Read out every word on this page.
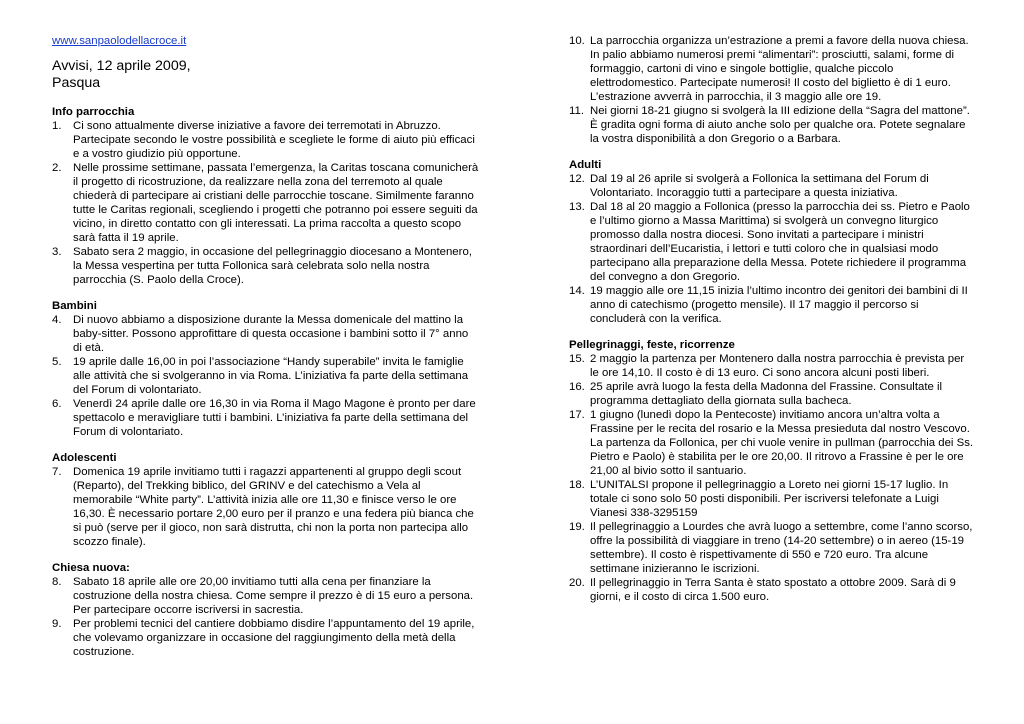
www.sanpaolodellacroce.it
Avvisi, 12 aprile 2009,
Pasqua
Info parrocchia
1.	Ci sono attualmente diverse iniziative a favore dei terremotati in Abruzzo. Partecipate secondo le vostre possibilità e scegliete le forme di aiuto più efficaci e a vostro giudizio più opportune.
2.	Nelle prossime settimane, passata l’emergenza, la Caritas toscana comunicherà il progetto di ricostruzione, da realizzare nella zona del terremoto al quale chiederà di partecipare ai cristiani delle parrocchie toscane. Similmente faranno tutte le Caritas regionali, scegliendo i progetti che potranno poi essere seguiti da vicino, in diretto contatto con gli interessati. La prima raccolta a questo scopo sarà fatta il 19 aprile.
3.	Sabato sera 2 maggio, in occasione del pellegrinaggio diocesano a Montenero, la Messa vespertina per tutta Follonica sarà celebrata solo nella nostra parrocchia (S. Paolo della Croce).
Bambini
4.	Di nuovo abbiamo a disposizione durante la Messa domenicale del mattino la baby-sitter. Possono approfittare di questa occasione i bambini sotto il 7° anno di età.
5.	19 aprile dalle 16,00 in poi l’associazione “Handy superabile” invita le famiglie alle attività che si svolgeranno in via Roma. L’iniziativa fa parte della settimana del Forum di volontariato.
6.	Venerdì 24 aprile dalle ore 16,30 in via Roma il Mago Magone è pronto per dare spettacolo e meravigliare tutti i bambini. L’iniziativa fa parte della settimana del Forum di volontariato.
Adolescenti
7.	Domenica 19 aprile invitiamo tutti i ragazzi appartenenti al gruppo degli scout (Reparto), del Trekking biblico, del GRINV e del catechismo a Vela al memorabile “White party”. L’attività inizia alle ore 11,30 e finisce verso le ore 16,30. È necessario portare 2,00 euro per il pranzo e una federa più bianca che si può (serve per il gioco, non sarà distrutta, chi non la porta non partecipa allo scozzo finale).
Chiesa nuova:
8.	Sabato 18 aprile alle ore 20,00 invitiamo tutti alla cena per finanziare la costruzione della nostra chiesa. Come sempre il prezzo è di 15 euro a persona. Per partecipare occorre iscriversi in sacrestia.
9.	Per problemi tecnici del cantiere dobbiamo disdire l’appuntamento del 19 aprile, che volevamo organizzare in occasione del raggiungimento della metà della costruzione.
10. La parrocchia organizza un’estrazione a premi a favore della nuova chiesa. In palio abbiamo numerosi premi “alimentari”: prosciutti, salami, forme di formaggio, cartoni di vino e singole bottiglie, qualche piccolo elettrodomestico. Partecipate numerosi! Il costo del biglietto è di 1 euro. L’estrazione avverrà in parrocchia, il 3 maggio alle ore 19.
11. Nei giorni 18-21 giugno si svolgerà la III edizione della “Sagra del mattone”. È gradita ogni forma di aiuto anche solo per qualche ora. Potete segnalare la vostra disponibilità a don Gregorio o a Barbara.
Adulti
12. Dal 19 al 26 aprile si svolgerà a Follonica la settimana del Forum di Volontariato. Incoraggio tutti a partecipare a questa iniziativa.
13. Dal 18 al 20 maggio a Follonica (presso la parrocchia dei ss. Pietro e Paolo e l’ultimo giorno a Massa Marittima) si svolgerà un convegno liturgico promosso dalla nostra diocesi. Sono invitati a partecipare i ministri straordinari dell’Eucaristia, i lettori e tutti coloro che in qualsiasi modo partecipano alla preparazione della Messa. Potete richiedere il programma del convegno a don Gregorio.
14. 19 maggio alle ore 11,15 inizia l’ultimo incontro dei genitori dei bambini di II anno di catechismo (progetto mensile). Il 17 maggio il percorso si concluderà con la verifica.
Pellegrinaggi, feste, ricorrenze
15. 2 maggio la partenza per Montenero dalla nostra parrocchia è prevista per le ore 14,10. Il costo è di 13 euro. Ci sono ancora alcuni posti liberi.
16. 25 aprile avrà luogo la festa della Madonna del Frassine. Consultate il programma dettagliato della giornata sulla bacheca.
17. 1 giugno (lunedì dopo la Pentecoste) invitiamo ancora un’altra volta a Frassine per le recita del rosario e la Messa presieduta dal nostro Vescovo. La partenza da Follonica, per chi vuole venire in pullman (parrocchia dei Ss. Pietro e Paolo) è stabilita per le ore 20,00. Il ritrovo a Frassine è per le ore 21,00 al bivio sotto il santuario.
18. L’UNITALSI propone il pellegrinaggio a Loreto nei giorni 15-17 luglio. In totale ci sono solo 50 posti disponibili. Per iscriversi telefonate a Luigi Vianesi 338-3295159
19. Il pellegrinaggio a Lourdes che avrà luogo a settembre, come l’anno scorso, offre la possibilità di viaggiare in treno (14-20 settembre) o in aereo (15-19 settembre). Il costo è rispettivamente di 550 e 720 euro. Tra alcune settimane inizieranno le iscrizioni.
20. Il pellegrinaggio in Terra Santa è stato spostato a ottobre 2009. Sarà di 9 giorni, e il costo di circa 1.500 euro.
